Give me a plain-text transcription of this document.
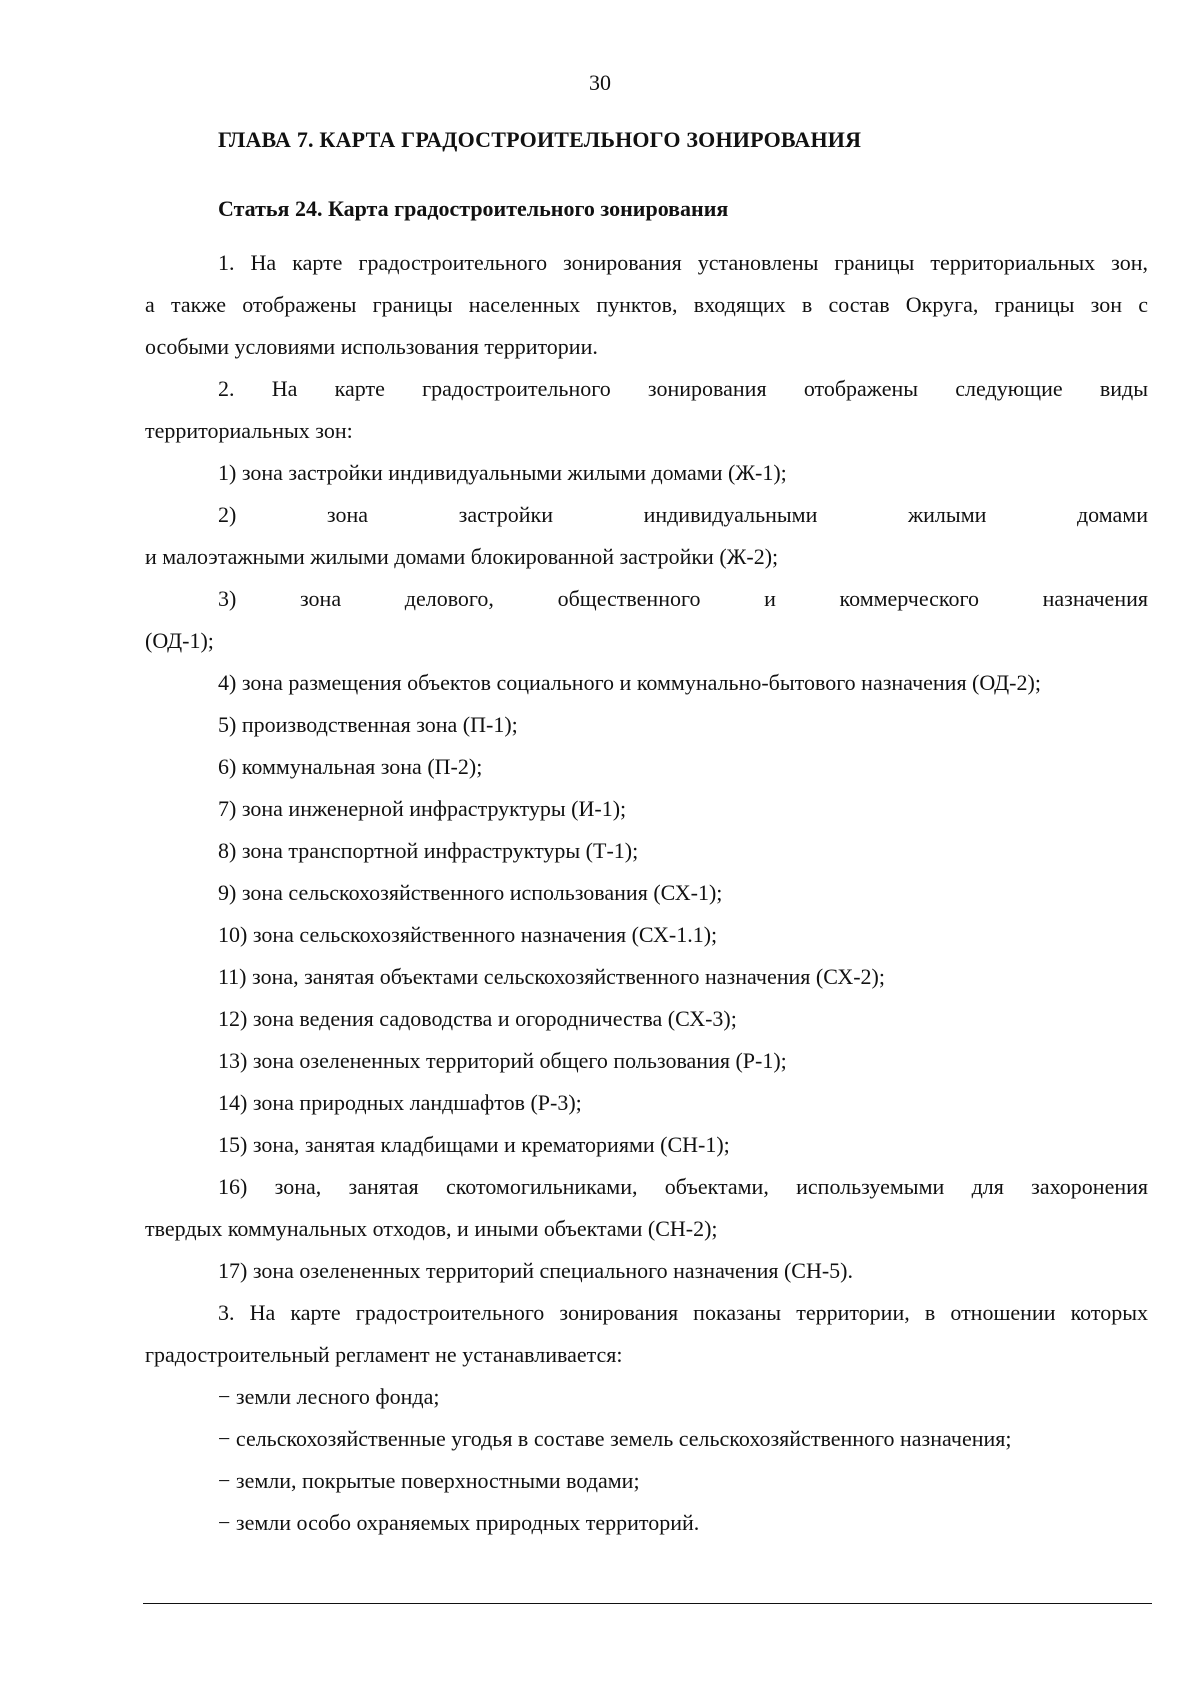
30
ГЛАВА 7. КАРТА ГРАДОСТРОИТЕЛЬНОГО ЗОНИРОВАНИЯ
Статья 24. Карта градостроительного зонирования
1. На карте градостроительного зонирования установлены границы территориальных зон,
а также отображены границы населенных пунктов, входящих в состав Округа, границы зон с
особыми условиями использования территории.
2. На карте градостроительного зонирования отображены следующие виды
территориальных зон:
1) зона застройки индивидуальными жилыми домами (Ж-1);
2) зона застройки индивидуальными жилыми домами
и малоэтажными жилыми домами блокированной застройки (Ж-2);
3) зона делового, общественного и коммерческого назначения
(ОД-1);
4) зона размещения объектов социального и коммунально-бытового назначения (ОД-2);
5) производственная зона (П-1);
6) коммунальная зона (П-2);
7) зона инженерной инфраструктуры (И-1);
8) зона транспортной инфраструктуры (Т-1);
9) зона сельскохозяйственного использования (СХ-1);
10) зона сельскохозяйственного назначения (СХ-1.1);
11) зона, занятая объектами сельскохозяйственного назначения (СХ-2);
12) зона ведения садоводства и огородничества (СХ-3);
13) зона озелененных территорий общего пользования (Р-1);
14) зона природных ландшафтов (Р-3);
15) зона, занятая кладбищами и крематориями (СН-1);
16) зона, занятая скотомогильниками, объектами, используемыми для захоронения
твердых коммунальных отходов, и иными объектами (СН-2);
17) зона озелененных территорий специального назначения (СН-5).
3. На карте градостроительного зонирования показаны территории, в отношении которых
градостроительный регламент не устанавливается:
− земли лесного фонда;
− сельскохозяйственные угодья в составе земель сельскохозяйственного назначения;
− земли, покрытые поверхностными водами;
− земли особо охраняемых природных территорий.
